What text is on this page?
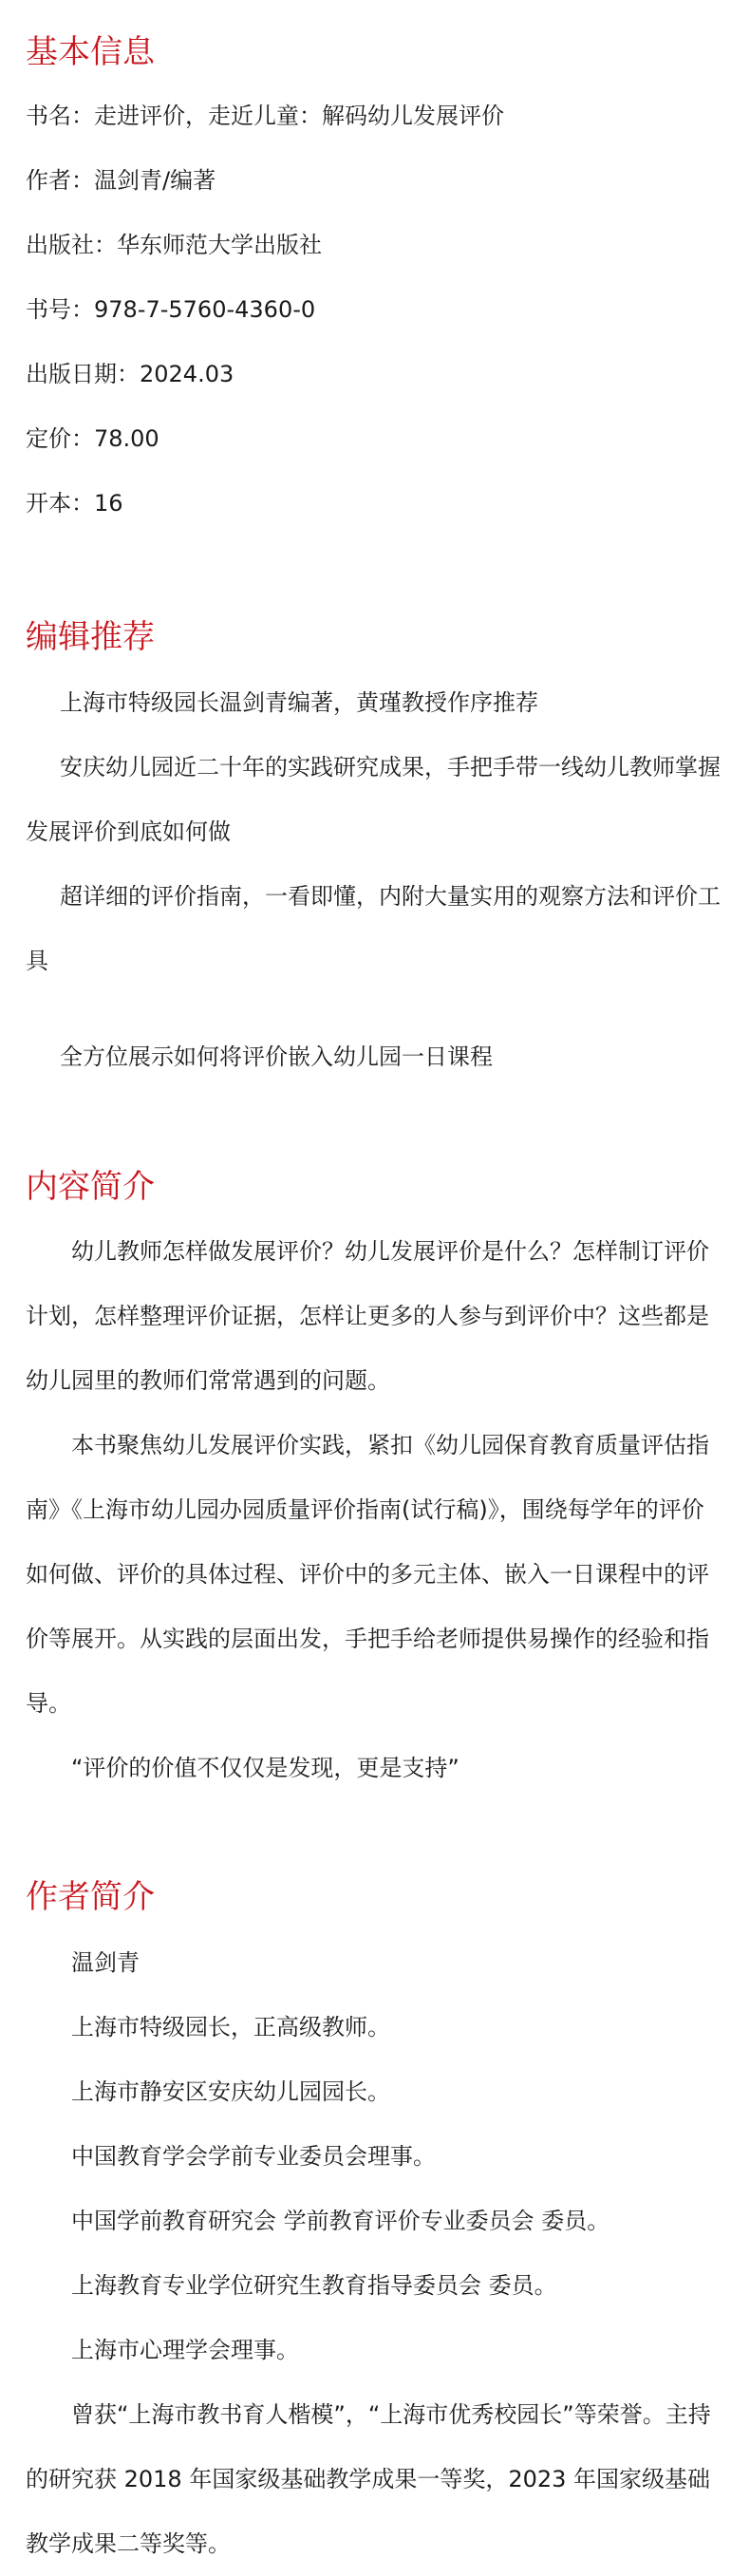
基本信息

书名：走进评价，走近儿童：解码幼儿发展评价

作者：温剑青/编著

出版社：华东师范大学出版社

书号：978-7-5760-4360-0

出版日期：2024.03

定价：78.00

开本：16

编辑推荐

上海市特级园长温剑青编著，黄瑾教授作序推荐

安庆幼儿园近二十年的实践研究成果，手把手带一线幼儿教师掌握发展评价到底如何做

超详细的评价指南，一看即懂，内附大量实用的观察方法和评价工具

全方位展示如何将评价嵌入幼儿园一日课程

内容简介

幼儿教师怎样做发展评价？幼儿发展评价是什么？怎样制订评价计划，怎样整理评价证据，怎样让更多的人参与到评价中？这些都是幼儿园里的教师们常常遇到的问题。

本书聚焦幼儿发展评价实践，紧扣《幼儿园保育教育质量评估指南》《上海市幼儿园办园质量评价指南(试行稿)》，围绕每学年的评价如何做、评价的具体过程、评价中的多元主体、嵌入一日课程中的评价等展开。从实践的层面出发，手把手给老师提供易操作的经验和指导。

“评价的价值不仅仅是发现，更是支持”

作者简介

温剑青

上海市特级园长，正高级教师。

上海市静安区安庆幼儿园园长。

中国教育学会学前专业委员会理事。

中国学前教育研究会 学前教育评价专业委员会 委员。

上海教育专业学位研究生教育指导委员会 委员。

上海市心理学会理事。

曾获“上海市教书育人楷模”，“上海市优秀校园长”等荣誉。主持的研究获 2018 年国家级基础教学成果一等奖，2023 年国家级基础教学成果二等奖等。
